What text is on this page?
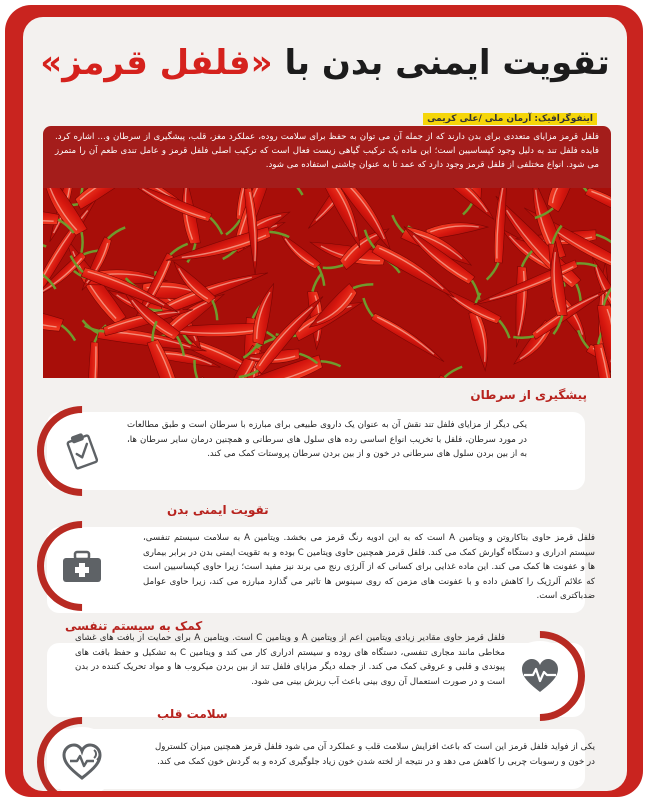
تقویت ایمنی بدن با «فلفل قرمز»
اینفوگرافیک: آرمان ملی /علی کریمی
فلفل قرمز مزایای متعددی برای بدن دارند که از جمله آن می توان به حفظ برای سلامت روده، عملکرد مغز، قلب، پیشگیری از سرطان و... اشاره کرد. فایده فلفل تند به دلیل وجود کپساسیین است؛ این ماده یک ترکیب گیاهی زیست فعال است که ترکیب اصلی فلفل قرمز و عامل تندی طعم آن را متمرز می شود. انواع مختلفی از فلفل قرمز وجود دارد که عمد تا به عنوان چاشنی استفاده می شود.
پیشگیری از سرطان
یکی دیگر از مزایای فلفل تند نقش آن به عنوان یک داروی طبیعی برای مبارزه با سرطان است و طبق مطالعات در مورد سرطان، فلفل با تخریب انواع اساسی رده های سلول های سرطانی و همچنین درمان سایر سرطان ها، به از بین بردن سلول های سرطانی در خون و از بین بردن سرطان پروستات کمک می کند.
تقویت ایمنی بدن
فلفل قرمز حاوی بتاکاروتن و ویتامین A است که به این ادویه رنگ قرمز می بخشد. ویتامین A به سلامت سیستم تنفسی، سیستم ادراری و دستگاه گوارش کمک می کند. فلفل قرمز همچنین حاوی ویتامین C بوده و به تقویت ایمنی بدن در برابر بیماری ها و عفونت ها کمک می کند. این ماده غذایی برای کسانی که از آلرژی رنج می برند نیز مفید است؛ زیرا حاوی کپساسیین است که علائم آلرژیک را کاهش داده و با عفونت های مزمن که روی سینوس ها تاثیر می گذارد مبارزه می کند، زیرا حاوی عوامل ضدباکتری است.
کمک به سیستم تنفسی
فلفل قرمز حاوی مقادیر زیادی ویتامین اعم از ویتامین A و ویتامین C است. ویتامین A برای حمایت از بافت های غشای مخاطی مانند مجاری تنفسی، دستگاه های روده و سیستم ادراری کار می کند و ویتامین C به تشکیل و حفظ بافت های پیوندی و قلبی و عروقی کمک می کند. از جمله دیگر مزایای فلفل تند از بین بردن میکروب ها و مواد تحریک کننده در بدن است و در صورت استعمال آن روی بینی باعث آب ریزش بینی می شود.
سلامت قلب
یکی از فواید فلفل قرمز این است که باعث افزایش سلامت قلب و عملکرد آن می شود فلفل قرمز همچنین میزان کلسترول در خون و رسوبات چربی را کاهش می دهد و در نتیجه از لخته شدن خون زیاد جلوگیری کرده و به گردش خون کمک می کند.
